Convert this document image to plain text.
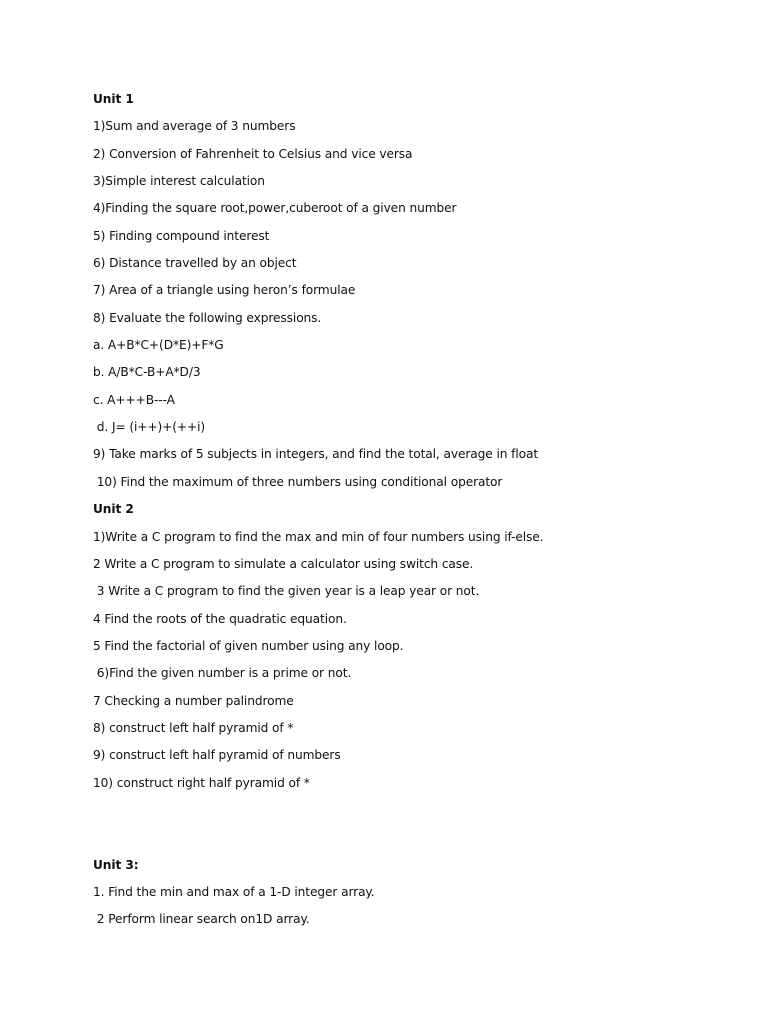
Unit 1
1)Sum and average of 3 numbers
2) Conversion of Fahrenheit to Celsius and vice versa
3)Simple interest calculation
4)Finding the square root,power,cuberoot of a given number
5) Finding compound interest
6) Distance travelled by an object
7) Area of a triangle using heron’s formulae
8) Evaluate the following expressions.
a. A+B*C+(D*E)+F*G
b. A/B*C-B+A*D/3
c. A+++B---A
d. J= (i++)+(++i)
9) Take marks of 5 subjects in integers, and find the total, average in float
10) Find the maximum of three numbers using conditional operator
Unit 2
1)Write a C program to find the max and min of four numbers using if-else.
2 Write a C program to simulate a calculator using switch case.
3 Write a C program to find the given year is a leap year or not.
4 Find the roots of the quadratic equation.
5 Find the factorial of given number using any loop.
6)Find the given number is a prime or not.
7 Checking a number palindrome
8) construct left half pyramid of *
9) construct left half pyramid of numbers
10) construct right half pyramid of *
Unit 3:
1. Find the min and max of a 1-D integer array.
2 Perform linear search on1D array.
